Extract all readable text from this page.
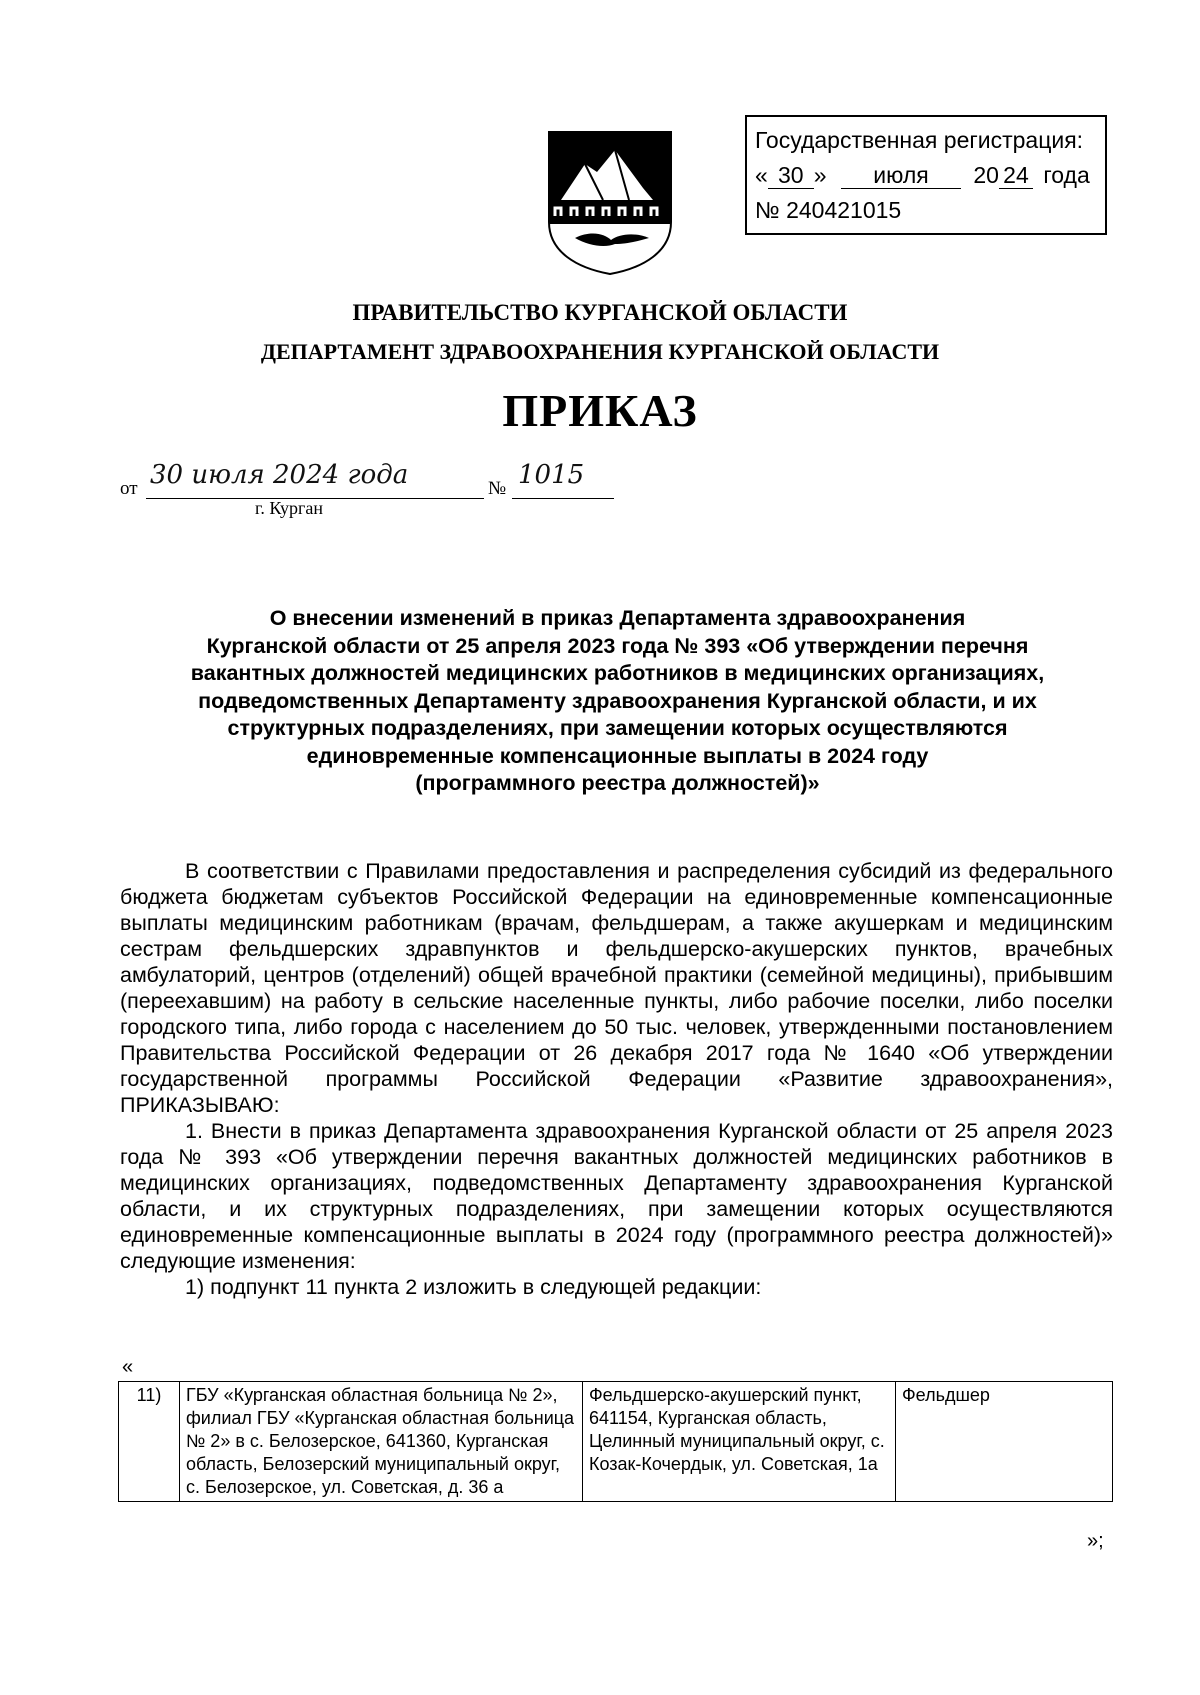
Государственная регистрация:
« 30 » июля 20 24 года
№ 240421015
ПРАВИТЕЛЬСТВО КУРГАНСКОЙ ОБЛАСТИ
ДЕПАРТАМЕНТ ЗДРАВООХРАНЕНИЯ КУРГАНСКОЙ ОБЛАСТИ
ПРИКАЗ
от 30 июля 2024 года	№ 1015
г. Курган
О внесении изменений в приказ Департамента здравоохранения
Курганской области от 25 апреля 2023 года № 393 «Об утверждении перечня
вакантных должностей медицинских работников в медицинских организациях,
подведомственных Департаменту здравоохранения Курганской области, и их
структурных подразделениях, при замещении которых осуществляются
единовременные компенсационные выплаты в 2024 году
(программного реестра должностей)»

В соответствии с Правилами предоставления и распределения субсидий из федерального бюджета бюджетам субъектов Российской Федерации на единовременные компенсационные выплаты медицинским работникам (врачам, фельдшерам, а также акушеркам и медицинским сестрам фельдшерских здравпунктов и фельдшерско-акушерских пунктов, врачебных амбулаторий, центров (отделений) общей врачебной практики (семейной медицины), прибывшим (переехавшим) на работу в сельские населенные пункты, либо рабочие поселки, либо поселки городского типа, либо города с населением до 50 тыс. человек, утвержденными постановлением Правительства Российской Федерации от 26 декабря 2017 года № 1640 «Об утверждении государственной программы Российской Федерации «Развитие здравоохранения», ПРИКАЗЫВАЮ:

1. Внести в приказ Департамента здравоохранения Курганской области от 25 апреля 2023 года № 393 «Об утверждении перечня вакантных должностей медицинских работников в медицинских организациях, подведомственных Департаменту здравоохранения Курганской области, и их структурных подразделениях, при замещении которых осуществляются единовременные компенсационные выплаты в 2024 году (программного реестра должностей)» следующие изменения:

1) подпункт 11 пункта 2 изложить в следующей редакции:

«
11)	ГБУ «Курганская областная больница № 2», филиал ГБУ «Курганская областная больница № 2» в с. Белозерское, 641360, Курганская область, Белозерский муниципальный округ, с. Белозерское, ул. Советская, д. 36 а	Фельдшерско-акушерский пункт, 641154, Курганская область, Целинный муниципальный округ, с. Козак-Кочердык, ул. Советская, 1а	Фельдшер
»;
